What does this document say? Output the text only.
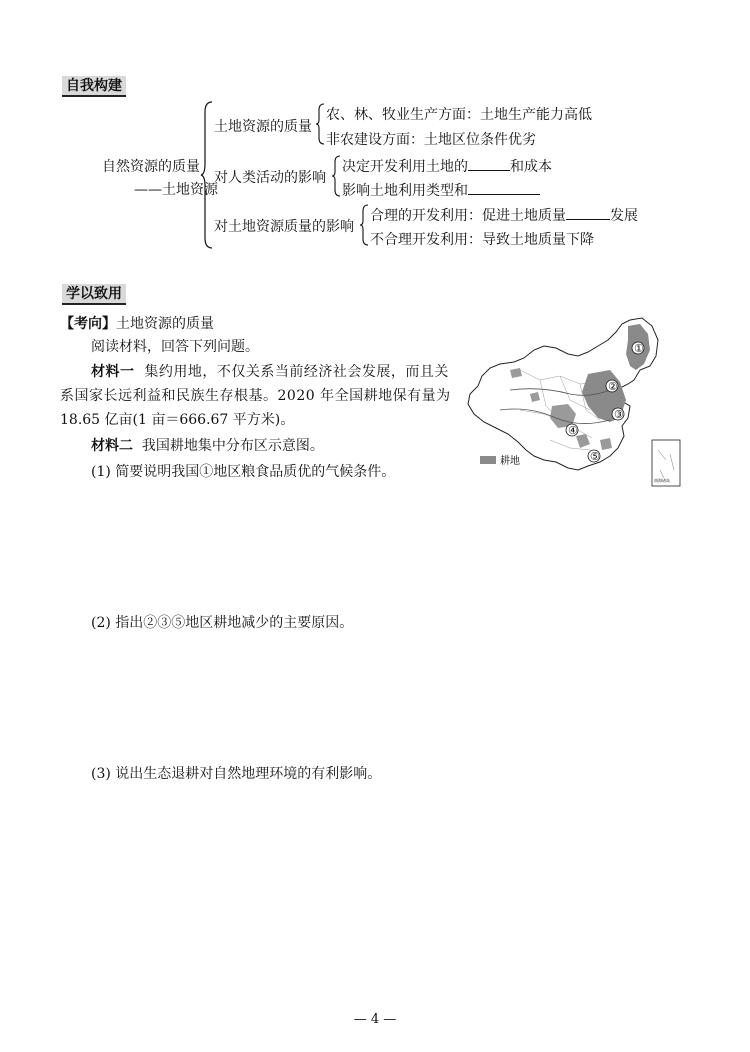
自我构建
自然资源的质量
——土地资源
土地资源的质量
农、林、牧业生产方面：土地生产能力高低
非农建设方面：土地区位条件优劣
对人类活动的影响
决定开发利用土地的	和成本
影响土地利用类型和
对土地资源质量的影响
合理的开发利用：促进土地质量	发展
不合理开发利用：导致土地质量下降
学以致用
【考向】土地资源的质量
阅读材料，回答下列问题。
材料一 集约用地，不仅关系当前经济社会发展，而且关
系国家长远利益和民族生存根基。2020 年全国耕地保有量为
18.65 亿亩(1 亩＝666.67 平方米)。
材料二 我国耕地集中分布区示意图。
(1) 简要说明我国①地区粮食品质优的气候条件。
(2) 指出②③⑤地区耕地减少的主要原因。
(3) 说出生态退耕对自然地理环境的有利影响。
①
②
③
④
⑤
耕地
南海诸岛
— 4 —
